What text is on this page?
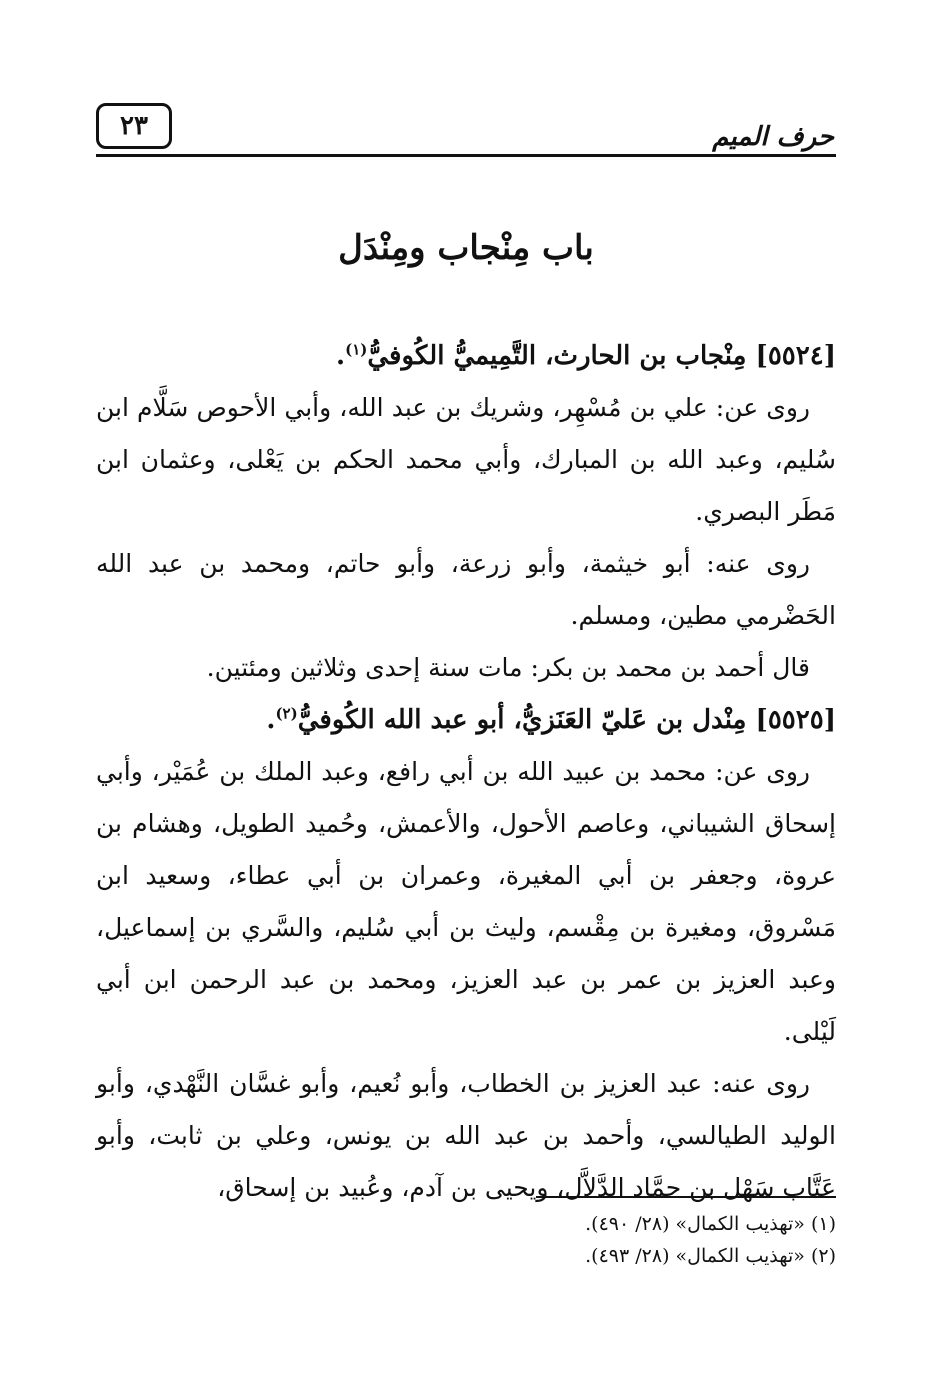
٢٣	حرف الميم
باب مِنْجاب ومِنْدَل

[٥٥٢٤] مِنْجاب بن الحارث، التَّمِيميُّ الكُوفيُّ$^{(١)}$.

روى عن: علي بن مُسْهِر، وشريك بن عبد الله، وأبي الأحوص سَلَّام ابن سُليم، وعبد الله بن المبارك، وأبي محمد الحكم بن يَعْلى، وعثمان ابن مَطَر البصري.

روى عنه: أبو خيثمة، وأبو زرعة، وأبو حاتم، ومحمد بن عبد الله الحَضْرمي مطين، ومسلم.

قال أحمد بن محمد بن بكر: مات سنة إحدى وثلاثين ومئتين.

[٥٥٢٥] مِنْدل بن عَليّ العَنَزيُّ، أبو عبد الله الكُوفيُّ$^{(٢)}$.

روى عن: محمد بن عبيد الله بن أبي رافع، وعبد الملك بن عُمَيْر، وأبي إسحاق الشيباني، وعاصم الأحول، والأعمش، وحُميد الطويل، وهشام بن عروة، وجعفر بن أبي المغيرة، وعمران بن أبي عطاء، وسعيد ابن مَسْروق، ومغيرة بن مِقْسم، وليث بن أبي سُليم، والسَّري بن إسماعيل، وعبد العزيز بن عمر بن عبد العزيز، ومحمد بن عبد الرحمن ابن أبي لَيْلى.

روى عنه: عبد العزيز بن الخطاب، وأبو نُعيم، وأبو غسَّان النَّهْدي، وأبو الوليد الطيالسي، وأحمد بن عبد الله بن يونس، وعلي بن ثابت، وأبو عَتَّاب سَهْل بن حمَّاد الدَّلاَّل، ويحيى بن آدم، وعُبيد بن إسحاق،

(١) «تهذيب الكمال» (٢٨/ ٤٩٠).

(٢) «تهذيب الكمال» (٢٨/ ٤٩٣).
